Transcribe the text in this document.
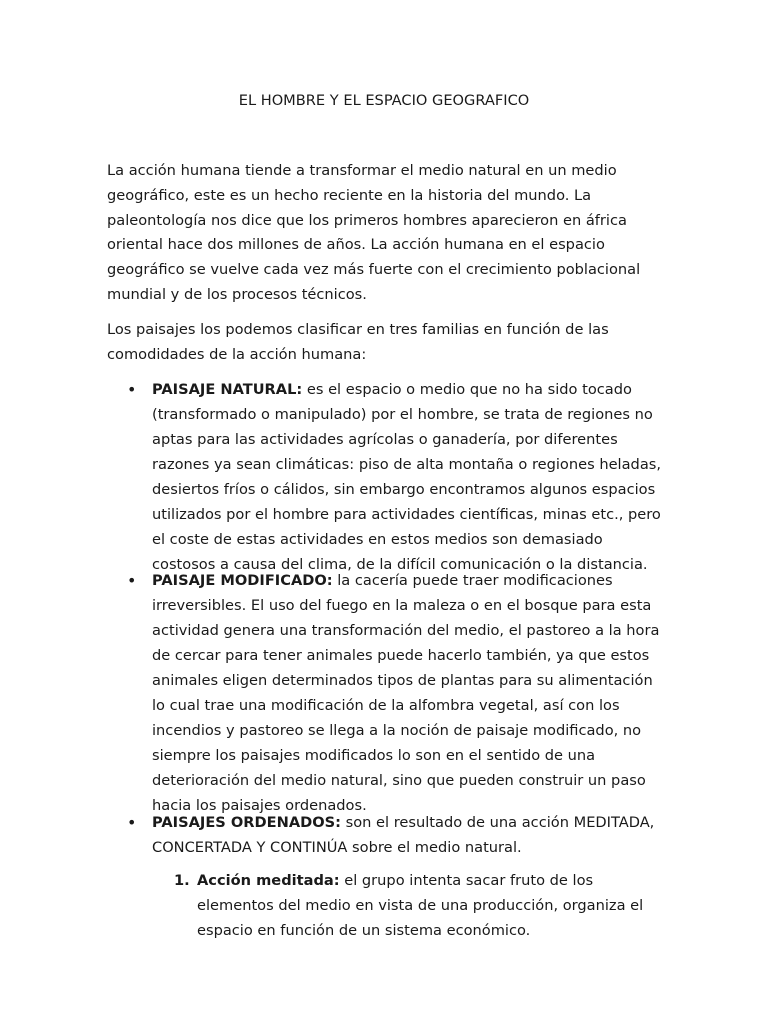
EL HOMBRE Y EL ESPACIO GEOGRAFICO

La acción humana tiende a transformar el medio natural en un medio geográfico, este es un hecho reciente en la historia del mundo. La paleontología nos dice que los primeros hombres aparecieron en áfrica oriental hace dos millones de años. La acción humana en el espacio geográfico se vuelve cada vez más fuerte con el crecimiento poblacional mundial y de los procesos técnicos.

Los paisajes los podemos clasificar en tres familias en función de las comodidades de la acción humana:

• PAISAJE NATURAL: es el espacio o medio que no ha sido tocado (transformado o manipulado) por el hombre, se trata de regiones no aptas para las actividades agrícolas o ganadería, por diferentes razones ya sean climáticas: piso de alta montaña o regiones heladas, desiertos fríos o cálidos, sin embargo encontramos algunos espacios utilizados por el hombre para actividades científicas, minas etc., pero el coste de estas actividades en estos medios son demasiado costosos a causa del clima, de la difícil comunicación o la distancia.
• PAISAJE MODIFICADO: la cacería puede traer modificaciones irreversibles. El uso del fuego en la maleza o en el bosque para esta actividad genera una transformación del medio, el pastoreo a la hora de cercar para tener animales puede hacerlo también, ya que estos animales eligen determinados tipos de plantas para su alimentación lo cual trae una modificación de la alfombra vegetal, así con los incendios y pastoreo se llega a la noción de paisaje modificado, no siempre los paisajes modificados lo son en el sentido de una deterioración del medio natural, sino que pueden construir un paso hacia los paisajes ordenados.
• PAISAJES ORDENADOS: son el resultado de una acción MEDITADA, CONCERTADA Y CONTINÚA sobre el medio natural.
1. Acción meditada: el grupo intenta sacar fruto de los elementos del medio en vista de una producción, organiza el espacio en función de un sistema económico.
